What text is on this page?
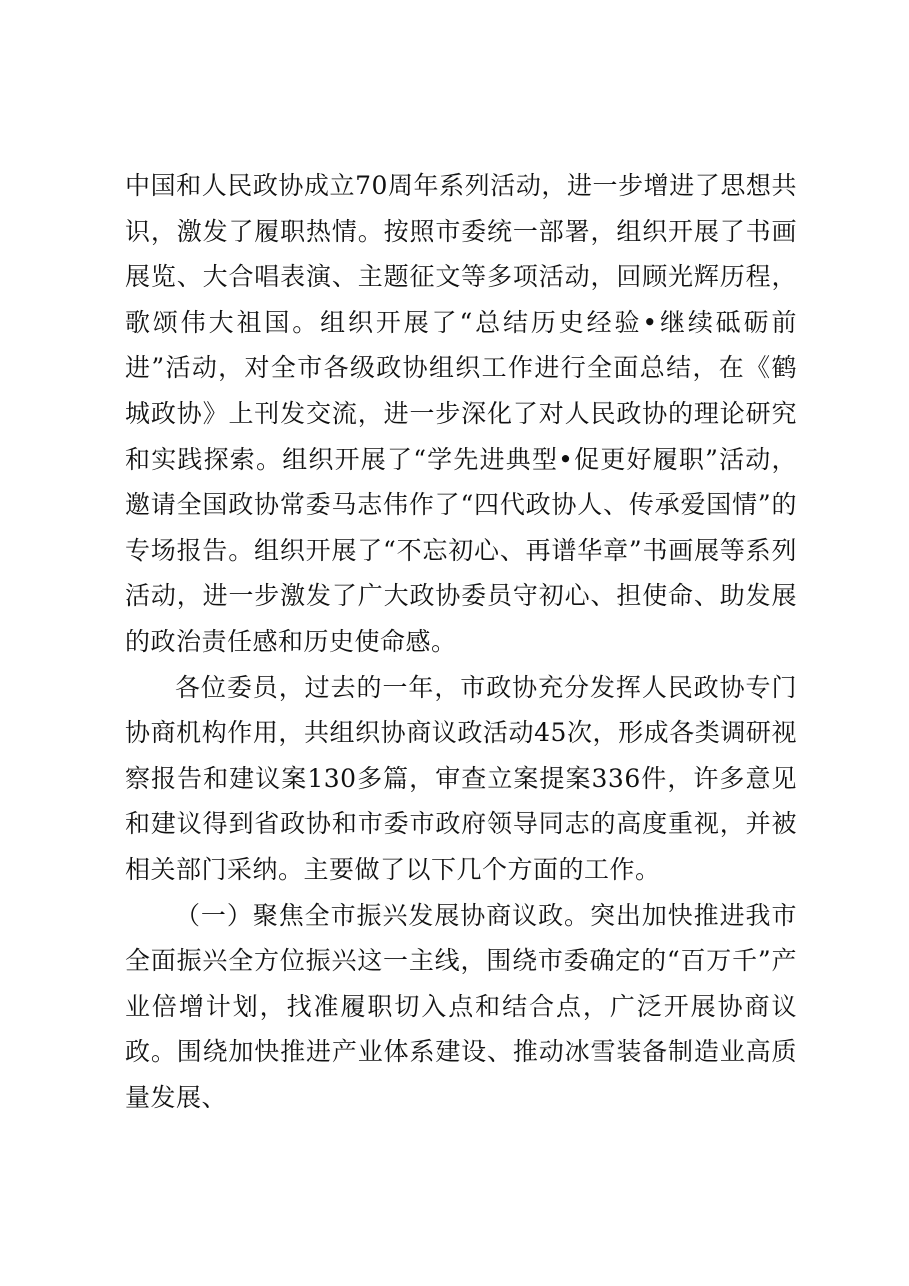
中国和人民政协成立70周年系列活动，进一步增进了思想共识，激发了履职热情。按照市委统一部署，组织开展了书画展览、大合唱表演、主题征文等多项活动，回顾光辉历程，歌颂伟大祖国。组织开展了“总结历史经验•继续砥砺前进”活动，对全市各级政协组织工作进行全面总结，在《鹤城政协》上刊发交流，进一步深化了对人民政协的理论研究和实践探索。组织开展了“学先进典型•促更好履职”活动，邀请全国政协常委马志伟作了“四代政协人、传承爱国情”的专场报告。组织开展了“不忘初心、再谱华章”书画展等系列活动，进一步激发了广大政协委员守初心、担使命、助发展的政治责任感和历史使命感。

各位委员，过去的一年，市政协充分发挥人民政协专门协商机构作用，共组织协商议政活动45次，形成各类调研视察报告和建议案130多篇，审查立案提案336件，许多意见和建议得到省政协和市委市政府领导同志的高度重视，并被相关部门采纳。主要做了以下几个方面的工作。

（一）聚焦全市振兴发展协商议政。突出加快推进我市全面振兴全方位振兴这一主线，围绕市委确定的“百万千”产业倍增计划，找准履职切入点和结合点，广泛开展协商议政。围绕加快推进产业体系建设、推动冰雪装备制造业高质量发展、
